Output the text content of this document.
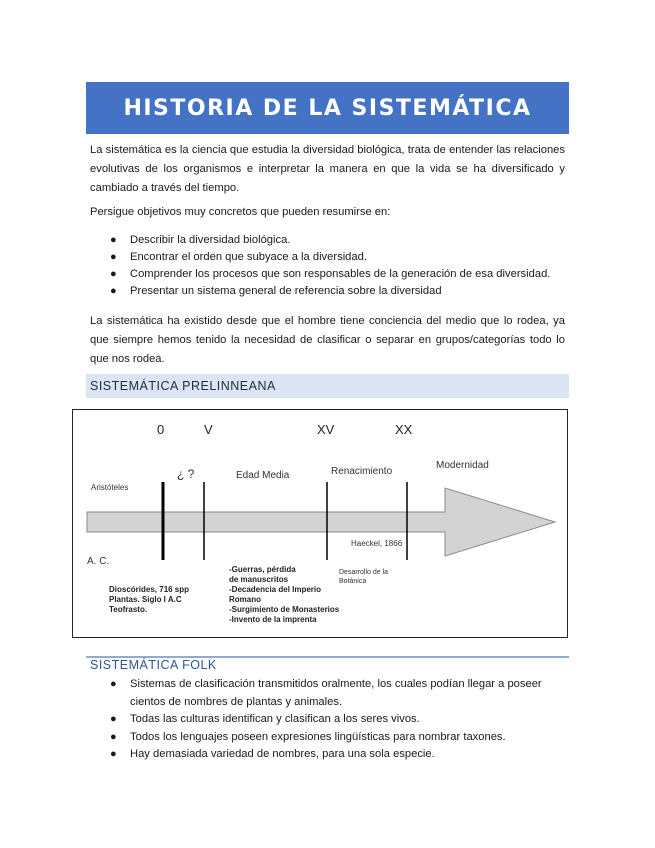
HISTORIA DE LA SISTEMÁTICA

La sistemática es la ciencia que estudia la diversidad biológica, trata de entender las relaciones evolutivas de los organismos e interpretar la manera en que la vida se ha diversificado y cambiado a través del tiempo.

Persigue objetivos muy concretos que pueden resumirse en:

● Describir la diversidad biológica.
● Encontrar el orden que subyace a la diversidad.
● Comprender los procesos que son responsables de la generación de esa diversidad.
● Presentar un sistema general de referencia sobre la diversidad

La sistemática ha existido desde que el hombre tiene conciencia del medio que lo rodea, ya que siempre hemos tenido la necesidad de clasificar o separar en grupos/categorías todo lo que nos rodea.

SISTEMÁTICA PRELINNEANA
0	V	XV	XX
Aristóteles
¿ ?	Edad Media	Renacimiento
Modernidad
A. C.
Haeckel, 1866
Dioscórides, 716 spp
Plantas. Siglo I A.C
Teofrasto.
-Guerras, pérdida
de manuscritos
-Decadencia del Imperio
Romano
-Surgimiento de Monasterios
-Invento de la imprenta
Desarrollo de la
Botánica
SISTEMÁTICA FOLK
● Sistemas de clasificación transmitidos oralmente, los cuales podían llegar a poseer cientos de nombres de plantas y animales.
● Todas las culturas identifican y clasifican a los seres vivos.
● Todos los lenguajes poseen expresiones lingüísticas para nombrar taxones.
● Hay demasiada variedad de nombres, para una sola especie.
